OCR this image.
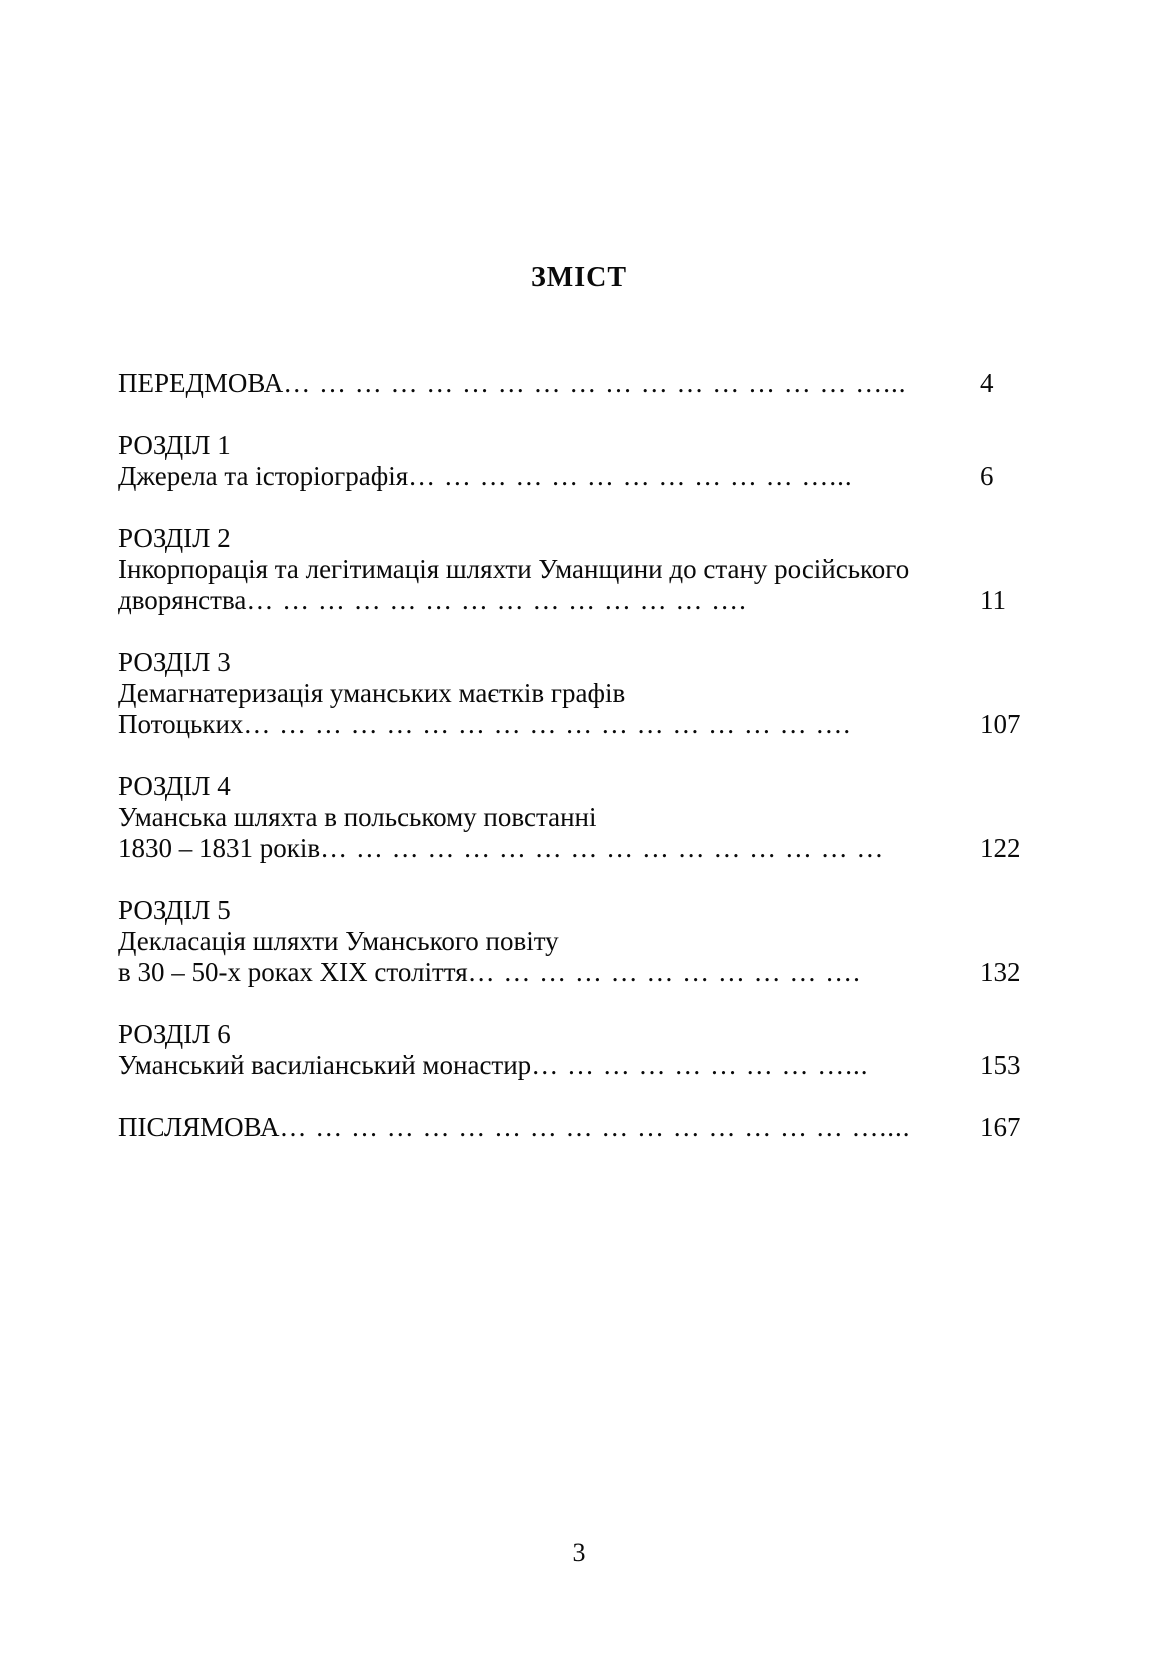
ЗМІСТ
ПЕРЕДМОВА… … … … … … … … … … … … … … … … …...	4
РОЗДІЛ 1
Джерела та історіографія… … … … … … … … … … … …...	6
РОЗДІЛ 2
Інкорпорація та легітимація шляхти Уманщини до стану російського
дворянства… … … … … … … … … … … … … ….	11
РОЗДІЛ 3
Демагнатеризація уманських маєтків графів
Потоцьких… … … … … … … … … … … … … … … … ….	107
РОЗДІЛ 4
Уманська шляхта в польському повстанні
1830 – 1831 років… … … … … … … … … … … … … … … …	122
РОЗДІЛ 5
Декласація шляхти Уманського повіту
в 30 – 50-х роках XIX століття… … … … … … … … … … ….	132
РОЗДІЛ 6
Уманський василіанський монастир… … … … … … … … …...	153
ПІСЛЯМОВА… … … … … … … … … … … … … … … … …....	167
3
